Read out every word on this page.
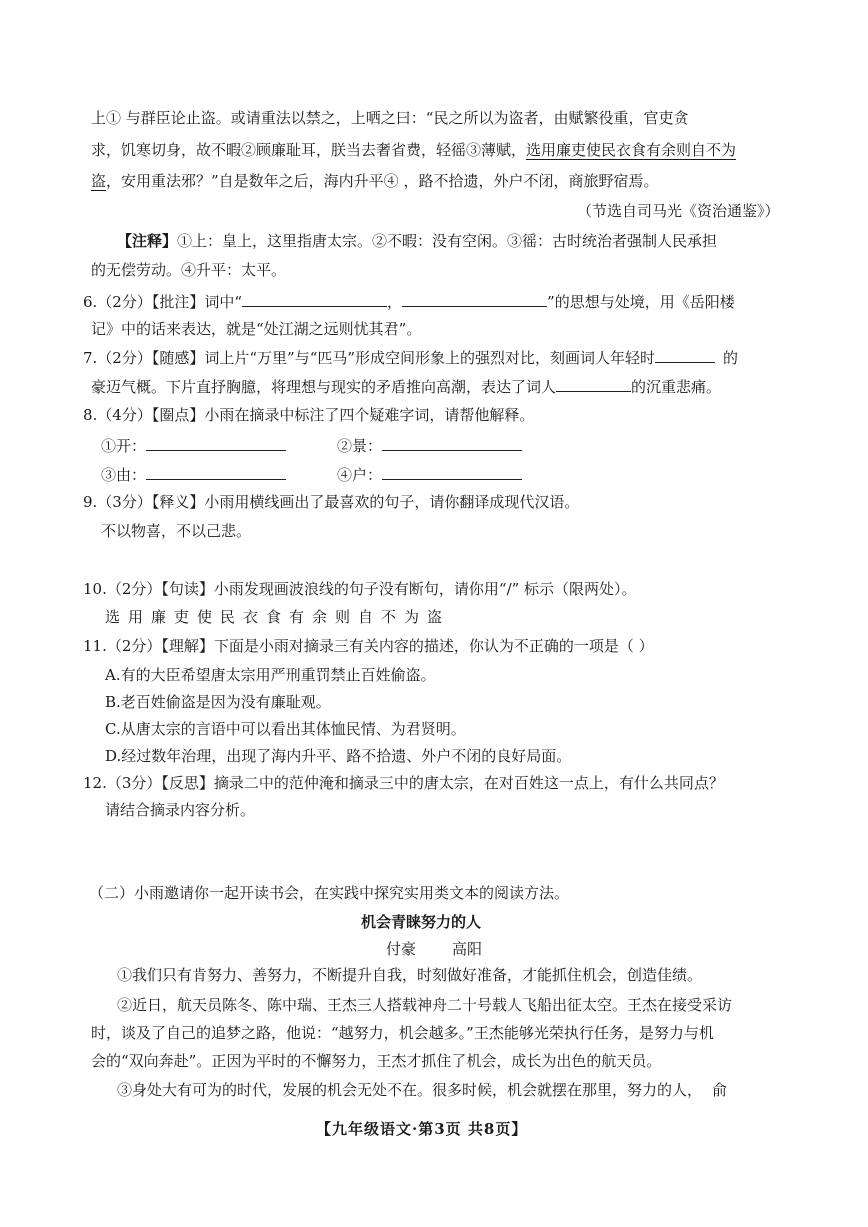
上① 与群臣论止盗。或请重法以禁之，上哂之曰：“民之所以为盗者，由赋繁役重，官吏贪
求，饥寒切身，故不暇②顾廉耻耳，朕当去奢省费，轻徭③薄赋，选用廉吏使民衣食有余则自不为
盗，安用重法邪？”自是数年之后，海内升平④ ，路不拾遗，外户不闭，商旅野宿焉。
（节选自司马光《资治通鉴》）
【注释】①上：皇上，这里指唐太宗。②不暇：没有空闲。③徭：古时统治者强制人民承担
的无偿劳动。④升平：太平。
6.（2分）【批注】词中“	，	”的思想与处境，用《岳阳楼
记》中的话来表达，就是“处江湖之远则忧其君”。
7.（2分）【随感】词上片“万里”与“匹马”形成空间形象上的强烈对比，刻画词人年轻时	的
豪迈气概。下片直抒胸臆，将理想与现实的矛盾推向高潮，表达了词人	的沉重悲痛。
8.（4分）【圈点】小雨在摘录中标注了四个疑难字词，请帮他解释。
①开：	②景：
③由：	④户：
9.（3分）【释义】小雨用横线画出了最喜欢的句子，请你翻译成现代汉语。
不以物喜，不以己悲。
10.（2分）【句读】小雨发现画波浪线的句子没有断句，请你用“/” 标示（限两处）。
选用廉吏使民衣食有余则自不为盗
11.（2分）【理解】下面是小雨对摘录三有关内容的描述，你认为不正确的一项是（ ）
A.有的大臣希望唐太宗用严刑重罚禁止百姓偷盗。
B.老百姓偷盗是因为没有廉耻观。
C.从唐太宗的言语中可以看出其体恤民情、为君贤明。
D.经过数年治理，出现了海内升平、路不拾遗、外户不闭的良好局面。
12.（3分）【反思】摘录二中的范仲淹和摘录三中的唐太宗，在对百姓这一点上，有什么共同点？
请结合摘录内容分析。
（二）小雨邀请你一起开读书会，在实践中探究实用类文本的阅读方法。
机会青睐努力的人
付豪 高阳
①我们只有肯努力、善努力，不断提升自我，时刻做好准备，才能抓住机会，创造佳绩。
②近日，航天员陈冬、陈中瑞、王杰三人搭载神舟二十号载人飞船出征太空。王杰在接受采访
时，谈及了自己的追梦之路，他说：“越努力，机会越多。”王杰能够光荣执行任务，是努力与机
会的“双向奔赴”。正因为平时的不懈努力，王杰才抓住了机会，成长为出色的航天员。
③身处大有可为的时代，发展的机会无处不在。很多时候，机会就摆在那里，努力的人， 俞
【九年级语文·第3页 共8页】
